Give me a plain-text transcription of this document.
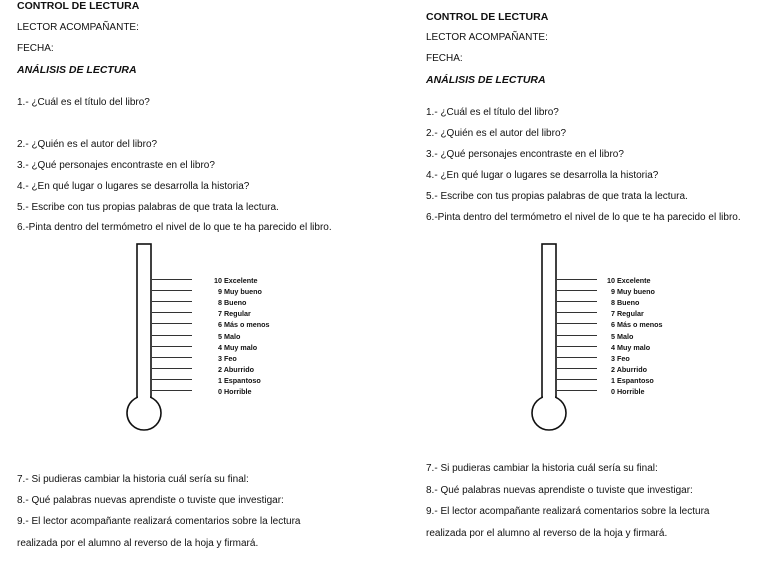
CONTROL DE LECTURA
LECTOR ACOMPAÑANTE:
FECHA:
ANÁLISIS DE LECTURA
1.- ¿Cuál es el título del libro?
2.- ¿Quién es el autor del libro?
3.- ¿Qué personajes encontraste en el libro?
4.- ¿En qué lugar o lugares se desarrolla la historia?
5.- Escribe con tus propias palabras de que trata la lectura.
6.-Pinta dentro del termómetro el nivel de lo que te ha parecido el libro.
10 Excelente
9 Muy bueno
8 Bueno
7 Regular
6 Más o menos
5 Malo
4 Muy malo
3 Feo
2 Aburrido
1 Espantoso
0 Horrible
7.- Si pudieras cambiar la historia cuál sería su final:
8.- Qué palabras nuevas aprendiste o tuviste que investigar:
9.- El lector acompañante realizará comentarios sobre la lectura
realizada por el alumno al reverso de la hoja y firmará.
CONTROL DE LECTURA
LECTOR ACOMPAÑANTE:
FECHA:
ANÁLISIS DE LECTURA
1.- ¿Cuál es el título del libro?
2.- ¿Quién es el autor del libro?
3.- ¿Qué personajes encontraste en el libro?
4.- ¿En qué lugar o lugares se desarrolla la historia?
5.- Escribe con tus propias palabras de que trata la lectura.
6.-Pinta dentro del termómetro el nivel de lo que te ha parecido el libro.
10 Excelente
9 Muy bueno
8 Bueno
7 Regular
6 Más o menos
5 Malo
4 Muy malo
3 Feo
2 Aburrido
1 Espantoso
0 Horrible
7.- Si pudieras cambiar la historia cuál sería su final:
8.- Qué palabras nuevas aprendiste o tuviste que investigar:
9.- El lector acompañante realizará comentarios sobre la lectura
realizada por el alumno al reverso de la hoja y firmará.
